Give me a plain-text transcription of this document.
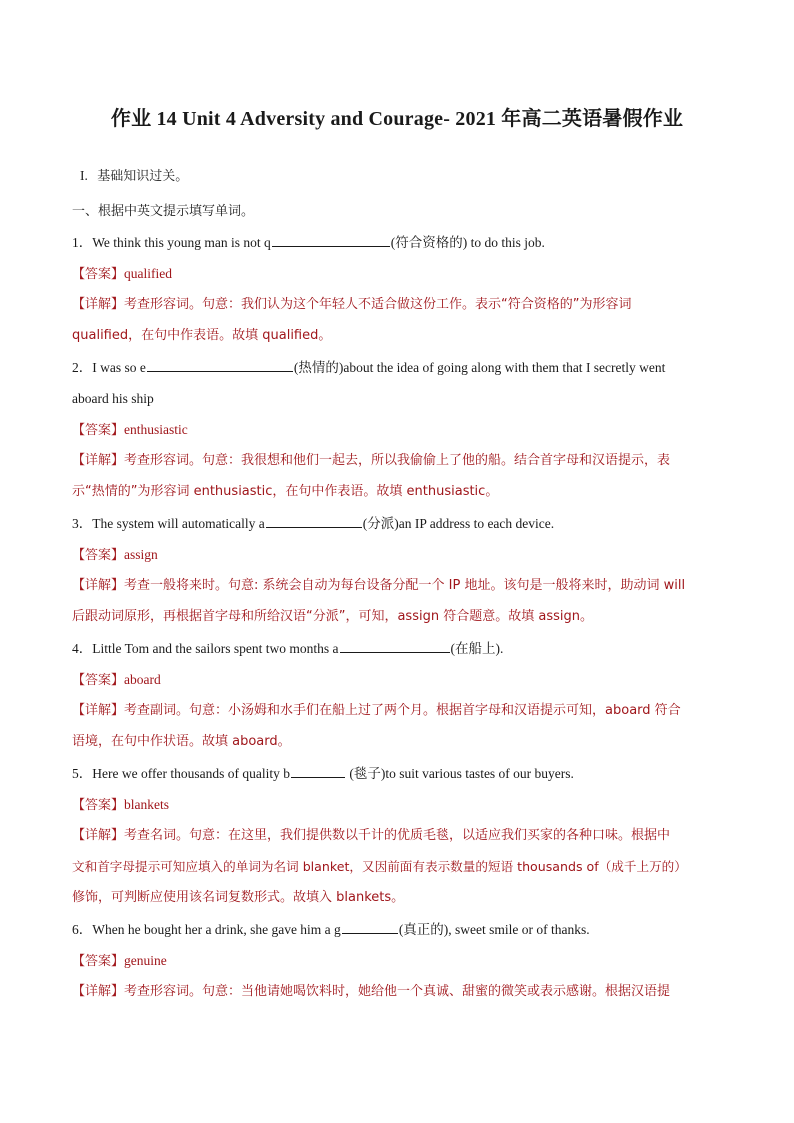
作业 14 Unit 4 Adversity and Courage- 2021 年高二英语暑假作业
I. 基础知识过关。
一、根据中英文提示填写单词。
1．We think this young man is not q	(符合资格的) to do this job.
【答案】qualified
【详解】考查形容词。句意：我们认为这个年轻人不适合做这份工作。表示“符合资格的”为形容词
qualified，在句中作表语。故填 qualified。
2．I was so e	(热情的)about the idea of going along with them that I secretly went
aboard his ship
【答案】enthusiastic
【详解】考查形容词。句意：我很想和他们一起去，所以我偷偷上了他的船。结合首字母和汉语提示，表
示“热情的”为形容词 enthusiastic，在句中作表语。故填 enthusiastic。
3．The system will automatically a	(分派)an IP address to each device.
【答案】assign
【详解】考查一般将来时。句意: 系统会自动为每台设备分配一个 IP 地址。该句是一般将来时，助动词 will
后跟动词原形，再根据首字母和所给汉语“分派”，可知，assign 符合题意。故填 assign。
4．Little Tom and the sailors spent two months a	(在船上).
【答案】aboard
【详解】考查副词。句意：小汤姆和水手们在船上过了两个月。根据首字母和汉语提示可知，aboard 符合
语境，在句中作状语。故填 aboard。
5．Here we offer thousands of quality b	(毯子)to suit various tastes of our buyers.
【答案】blankets
【详解】考查名词。句意：在这里，我们提供数以千计的优质毛毯，以适应我们买家的各种口味。根据中
文和首字母提示可知应填入的单词为名词 blanket，又因前面有表示数量的短语 thousands of（成千上万的）
修饰，可判断应使用该名词复数形式。故填入 blankets。
6．When he bought her a drink, she gave him a g	(真正的), sweet smile or of thanks.
【答案】genuine
【详解】考查形容词。句意：当他请她喝饮料时，她给他一个真诚、甜蜜的微笑或表示感谢。根据汉语提
